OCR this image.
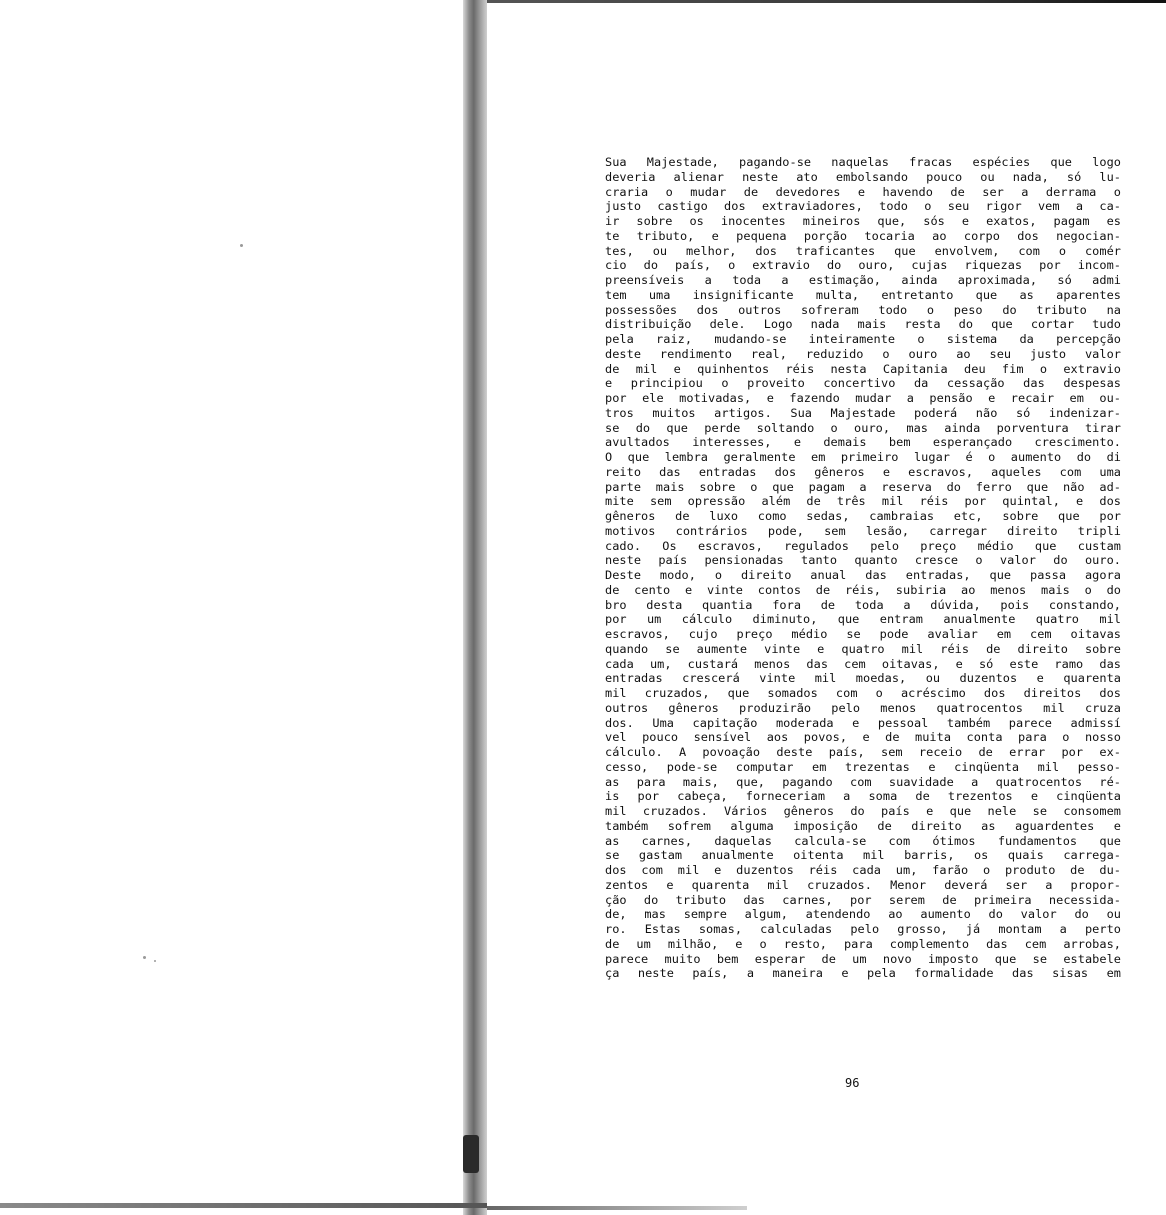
Sua Majestade, pagando-se naquelas fracas espécies que logo
deveria alienar neste ato embolsando pouco ou nada, só lu-
craria o mudar de devedores e havendo de ser a derrama o
justo castigo dos extraviadores, todo o seu rigor vem a ca-
ir sobre os inocentes mineiros que, sós e exatos, pagam es
te tributo, e pequena porção tocaria ao corpo dos negocian-
tes, ou melhor, dos traficantes que envolvem, com o comér
cio do país, o extravio do ouro, cujas riquezas por incom-
preensíveis a toda a estimação, ainda aproximada, só admi
tem uma insignificante multa, entretanto que as aparentes
possessões dos outros sofreram todo o peso do tributo na
distribuição dele. Logo nada mais resta do que cortar tudo
pela raiz, mudando-se inteiramente o sistema da percepção
deste rendimento real, reduzido o ouro ao seu justo valor
de mil e quinhentos réis nesta Capitania deu fim o extravio
e principiou o proveito concertivo da cessação das despesas
por ele motivadas, e fazendo mudar a pensão e recair em ou-
tros muitos artigos. Sua Majestade poderá não só indenizar-
se do que perde soltando o ouro, mas ainda porventura tirar
avultados interesses, e demais bem esperançado crescimento.
O que lembra geralmente em primeiro lugar é o aumento do di
reito das entradas dos gêneros e escravos, aqueles com uma
parte mais sobre o que pagam a reserva do ferro que não ad-
mite sem opressão além de três mil réis por quintal, e dos
gêneros de luxo como sedas, cambraias etc, sobre que por
motivos contrários pode, sem lesão, carregar direito tripli
cado. Os escravos, regulados pelo preço médio que custam
neste país pensionadas tanto quanto cresce o valor do ouro.
Deste modo, o direito anual das entradas, que passa agora
de cento e vinte contos de réis, subiria ao menos mais o do
bro desta quantia fora de toda a dúvida, pois constando,
por um cálculo diminuto, que entram anualmente quatro mil
escravos, cujo preço médio se pode avaliar em cem oitavas
quando se aumente vinte e quatro mil réis de direito sobre
cada um, custará menos das cem oitavas, e só este ramo das
entradas crescerá vinte mil moedas, ou duzentos e quarenta
mil cruzados, que somados com o acréscimo dos direitos dos
outros gêneros produzirão pelo menos quatrocentos mil cruza
dos. Uma capitação moderada e pessoal também parece admissí
vel pouco sensível aos povos, e de muita conta para o nosso
cálculo. A povoação deste país, sem receio de errar por ex-
cesso, pode-se computar em trezentas e cinqüenta mil pesso-
as para mais, que, pagando com suavidade a quatrocentos ré-
is por cabeça, forneceriam a soma de trezentos e cinqüenta
mil cruzados. Vários gêneros do país e que nele se consomem
também sofrem alguma imposição de direito as aguardentes e
as carnes, daquelas calcula-se com ótimos fundamentos que
se gastam anualmente oitenta mil barris, os quais carrega-
dos com mil e duzentos réis cada um, farão o produto de du-
zentos e quarenta mil cruzados. Menor deverá ser a propor-
ção do tributo das carnes, por serem de primeira necessida-
de, mas sempre algum, atendendo ao aumento do valor do ou
ro. Estas somas, calculadas pelo grosso, já montam a perto
de um milhão, e o resto, para complemento das cem arrobas,
parece muito bem esperar de um novo imposto que se estabele
ça neste país, a maneira e pela formalidade das sisas em
96
